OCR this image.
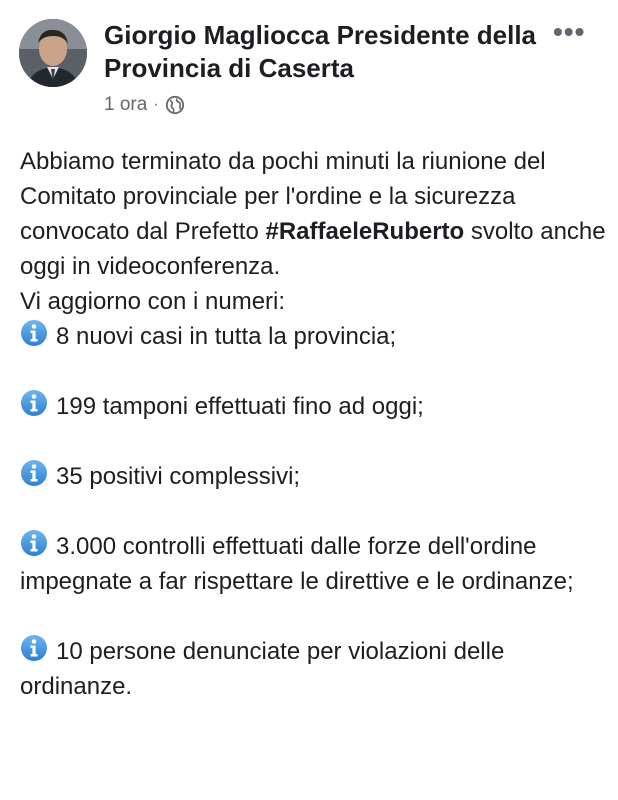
Giorgio Magliocca Presidente della Provincia di Caserta
•••
1 ora ·

Abbiamo terminato da pochi minuti la riunione del Comitato provinciale per l'ordine e la sicurezza convocato dal Prefetto #RaffaeleRuberto svolto anche oggi in videoconferenza.

Vi aggiorno con i numeri:

8 nuovi casi in tutta la provincia;

199 tamponi effettuati fino ad oggi;

35 positivi complessivi;

3.000 controlli effettuati dalle forze dell'ordine impegnate a far rispettare le direttive e le ordinanze;

10 persone denunciate per violazioni delle ordinanze.
